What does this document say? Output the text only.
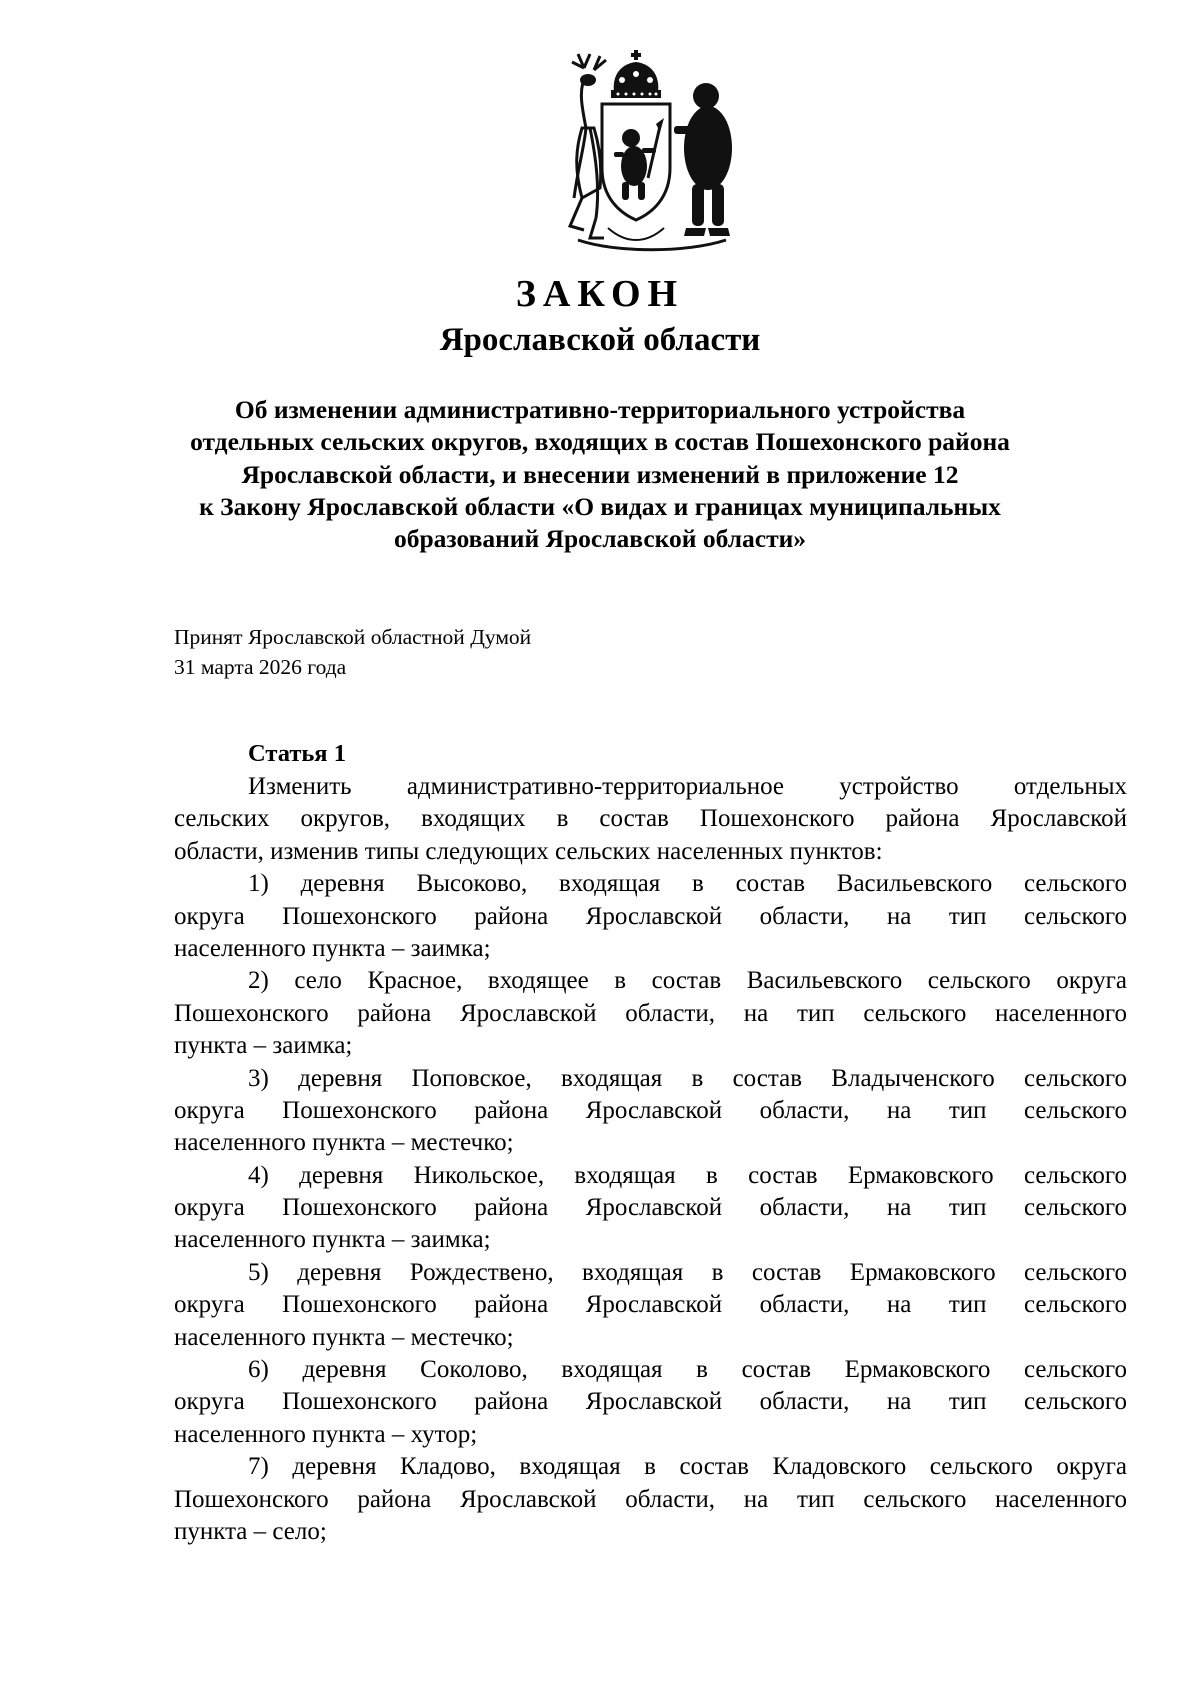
ЗАКОН
Ярославской области
Об изменении административно-территориального устройства
отдельных сельских округов, входящих в состав Пошехонского района
Ярославской области, и внесении изменений в приложение 12
к Закону Ярославской области «О видах и границах муниципальных
образований Ярославской области»
Принят Ярославской областной Думой
31 марта 2026 года
Статья 1
Изменить административно-территориальное устройство отдельных
сельских округов, входящих в состав Пошехонского района Ярославской
области, изменив типы следующих сельских населенных пунктов:
1) деревня Высоково, входящая в состав Васильевского сельского
округа Пошехонского района Ярославской области, на тип сельского
населенного пункта – заимка;
2) село Красное, входящее в состав Васильевского сельского округа
Пошехонского района Ярославской области, на тип сельского населенного
пункта – заимка;
3) деревня Поповское, входящая в состав Владыченского сельского
округа Пошехонского района Ярославской области, на тип сельского
населенного пункта – местечко;
4) деревня Никольское, входящая в состав Ермаковского сельского
округа Пошехонского района Ярославской области, на тип сельского
населенного пункта – заимка;
5) деревня Рождествено, входящая в состав Ермаковского сельского
округа Пошехонского района Ярославской области, на тип сельского
населенного пункта – местечко;
6) деревня Соколово, входящая в состав Ермаковского сельского
округа Пошехонского района Ярославской области, на тип сельского
населенного пункта – хутор;
7) деревня Кладово, входящая в состав Кладовского сельского округа
Пошехонского района Ярославской области, на тип сельского населенного
пункта – село;
